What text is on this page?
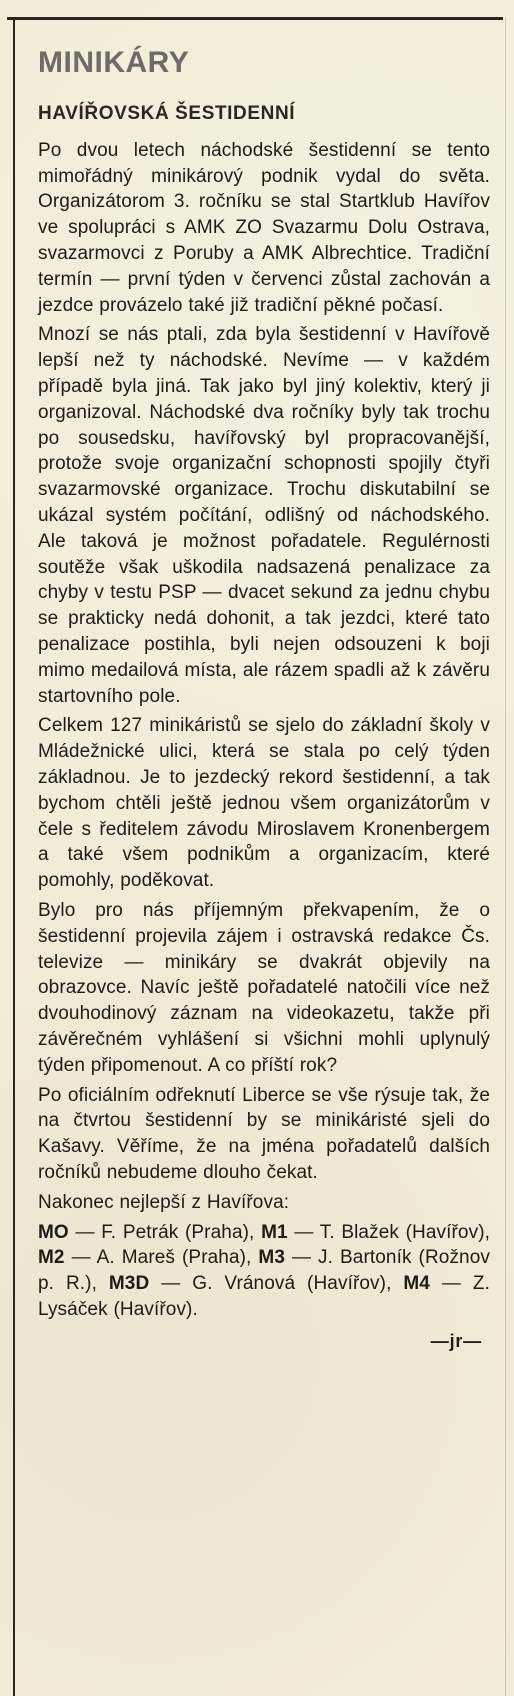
MINIKÁRY
HAVÍŘOVSKÁ ŠESTIDENNÍ

Po dvou letech náchodské šestidenní se tento mimořádný minikárový podnik vydal do světa. Organizátorom 3. ročníku se stal Startklub Havířov ve spolupráci s AMK ZO Svazarmu Dolu Ostrava, svazarmovci z Poruby a AMK Albrechtice. Tradiční termín — první týden v červenci zůstal zachován a jezdce provázelo také již tradiční pěkné počasí.

Mnozí se nás ptali, zda byla šestidenní v Havířově lepší než ty náchodské. Nevíme — v každém případě byla jiná. Tak jako byl jiný kolektiv, který ji organizoval. Náchodské dva ročníky byly tak trochu po sousedsku, havířovský byl propracovanější, protože svoje organizační schopnosti spojily čtyři svazarmovské organizace. Trochu diskutabilní se ukázal systém počítání, odlišný od náchodského. Ale taková je možnost pořadatele. Regulérnosti soutěže však uškodila nadsazená penalizace za chyby v testu PSP — dvacet sekund za jednu chybu se prakticky nedá dohonit, a tak jezdci, které tato penalizace postihla, byli nejen odsouzeni k boji mimo medailová místa, ale rázem spadli až k závěru startovního pole.

Celkem 127 minikáristů se sjelo do základní školy v Mládežnické ulici, která se stala po celý týden základnou. Je to jezdecký rekord šestidenní, a tak bychom chtěli ještě jednou všem organizátorům v čele s ředitelem závodu Miroslavem Kronenbergem a také všem podnikům a organizacím, které pomohly, poděkovat.

Bylo pro nás příjemným překvapením, že o šestidenní projevila zájem i ostravská redakce Čs. televize — minikáry se dvakrát objevily na obrazovce. Navíc ještě pořadatelé natočili více než dvouhodinový záznam na videokazetu, takže při závěrečném vyhlášení si všichni mohli uplynulý týden připomenout. A co příští rok?

Po oficiálním odřeknutí Liberce se vše rýsuje tak, že na čtvrtou šestidenní by se minikáristé sjeli do Kašavy. Věříme, že na jména pořadatelů dalších ročníků nebudeme dlouho čekat.

Nakonec nejlepší z Havířova:

MO — F. Petrák (Praha), M1 — T. Blažek (Havířov), M2 — A. Mareš (Praha), M3 — J. Bartoník (Rožnov p. R.), M3D — G. Vránová (Havířov), M4 — Z. Lysáček (Havířov).

—jr—
